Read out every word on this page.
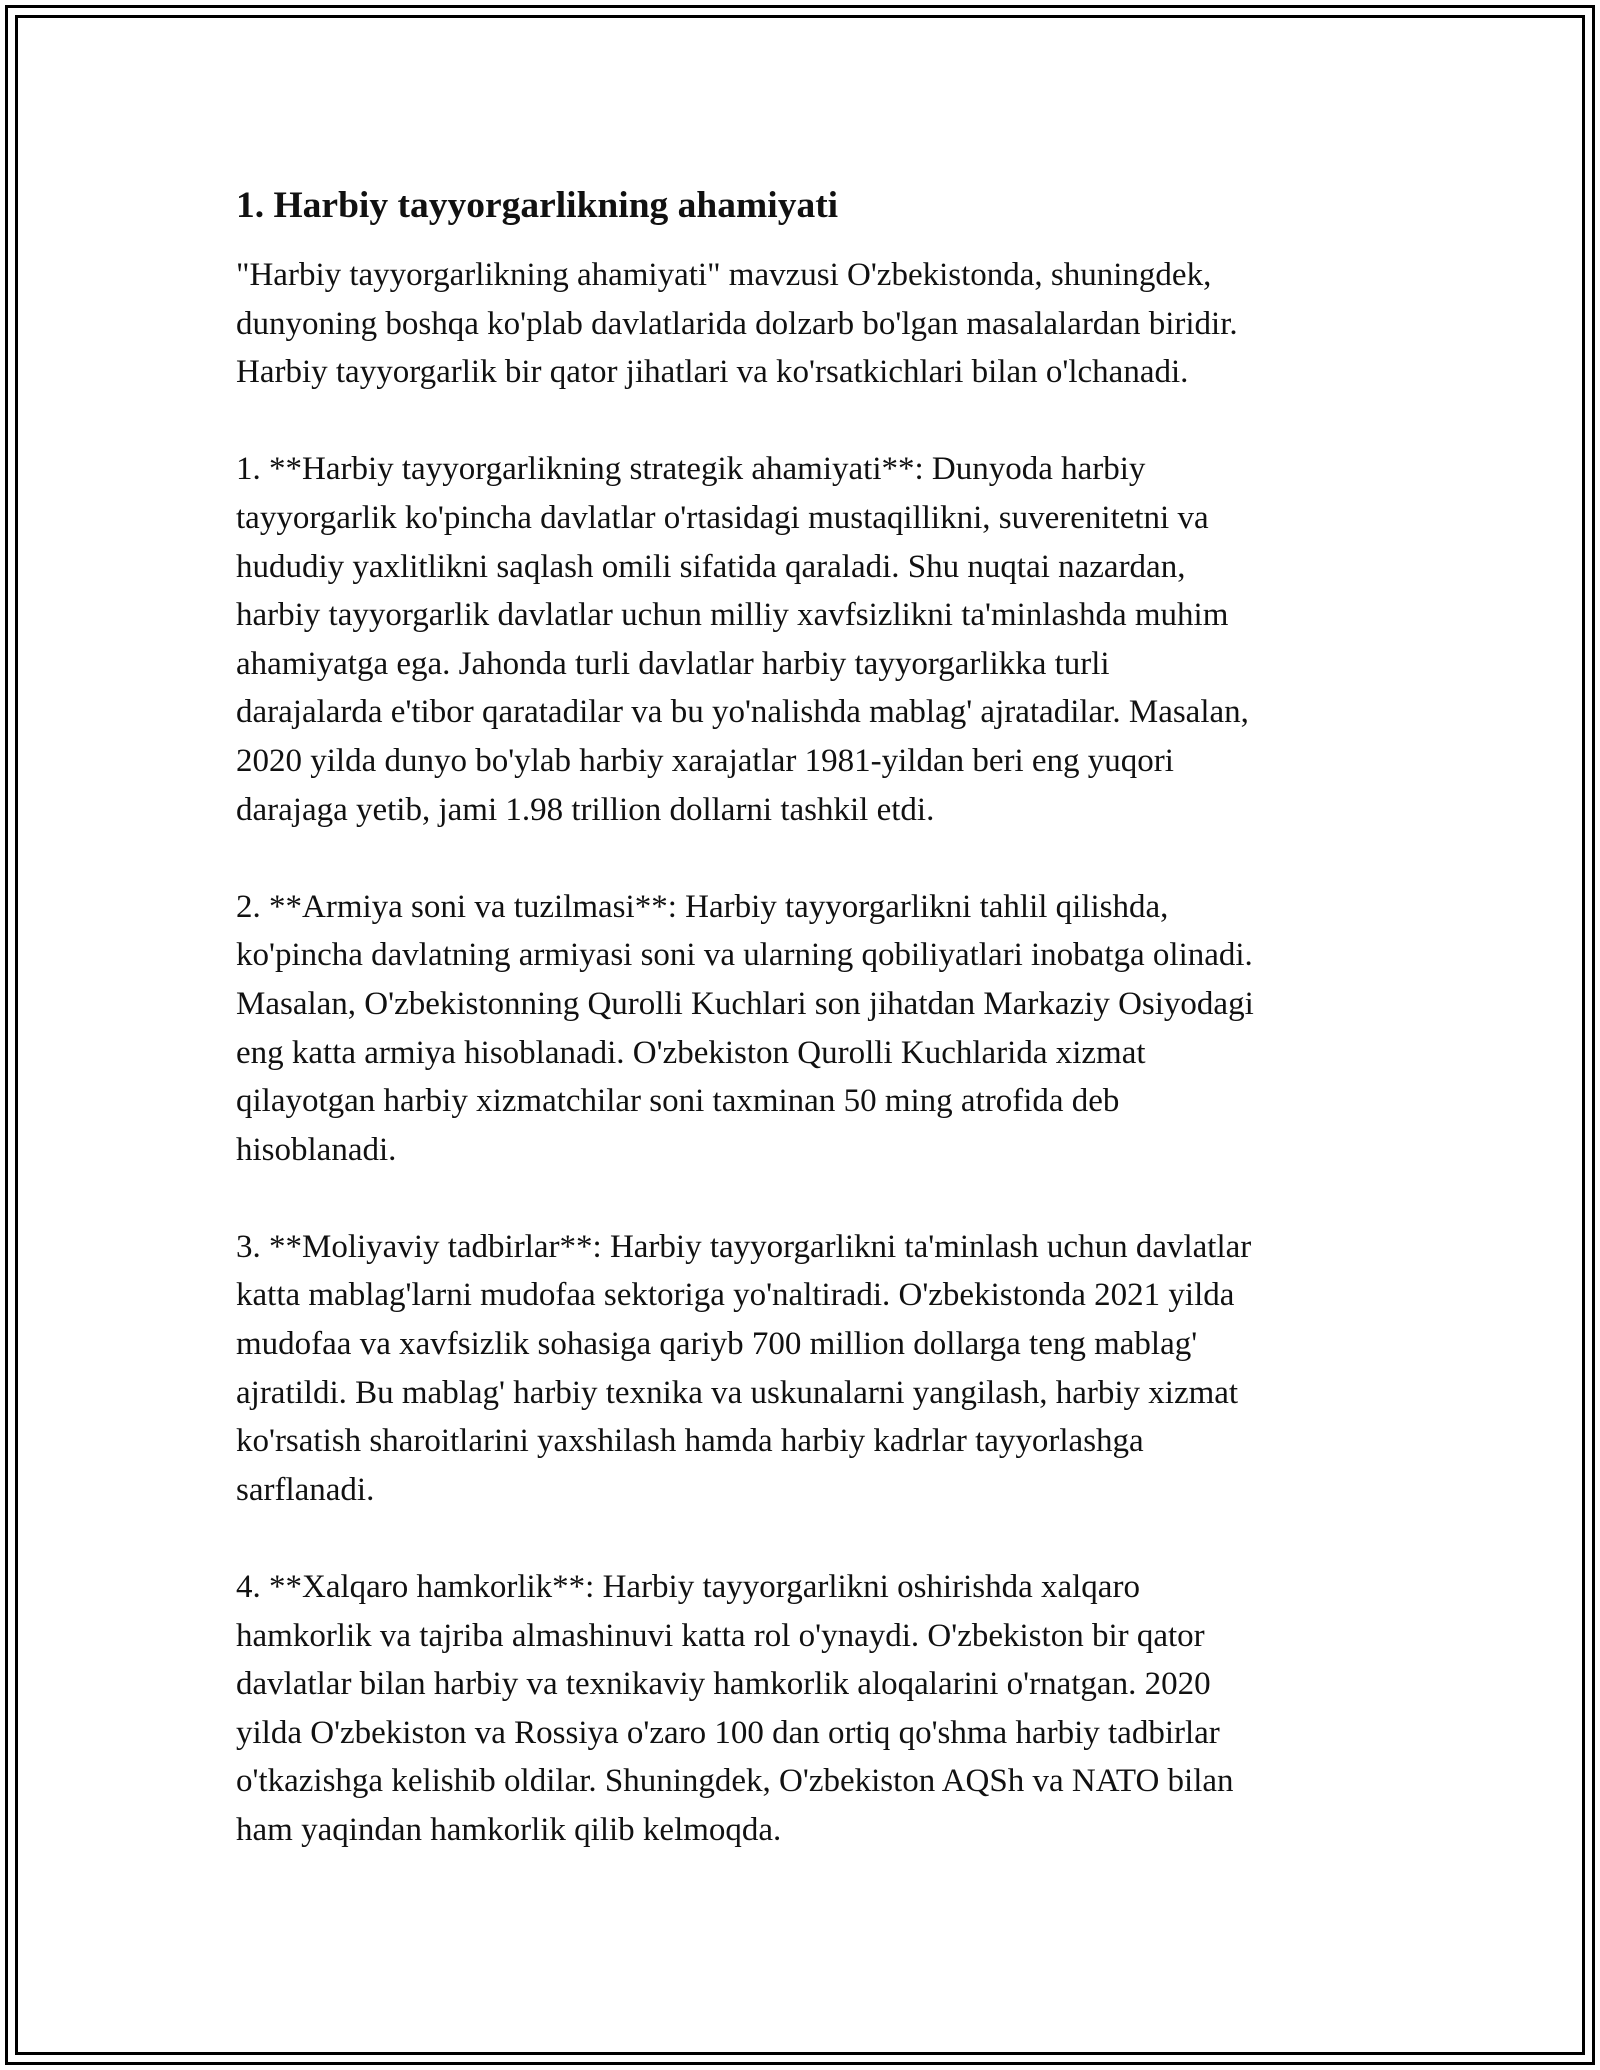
1. Harbiy tayyorgarlikning ahamiyati

"Harbiy tayyorgarlikning ahamiyati" mavzusi O'zbekistonda, shuningdek,
dunyoning boshqa ko'plab davlatlarida dolzarb bo'lgan masalalardan biridir.
Harbiy tayyorgarlik bir qator jihatlari va ko'rsatkichlari bilan o'lchanadi.

1. **Harbiy tayyorgarlikning strategik ahamiyati**: Dunyoda harbiy
tayyorgarlik ko'pincha davlatlar o'rtasidagi mustaqillikni, suverenitetni va
hududiy yaxlitlikni saqlash omili sifatida qaraladi. Shu nuqtai nazardan,
harbiy tayyorgarlik davlatlar uchun milliy xavfsizlikni ta'minlashda muhim
ahamiyatga ega. Jahonda turli davlatlar harbiy tayyorgarlikka turli
darajalarda e'tibor qaratadilar va bu yo'nalishda mablag' ajratadilar. Masalan,
2020 yilda dunyo bo'ylab harbiy xarajatlar 1981-yildan beri eng yuqori
darajaga yetib, jami 1.98 trillion dollarni tashkil etdi.

2. **Armiya soni va tuzilmasi**: Harbiy tayyorgarlikni tahlil qilishda,
ko'pincha davlatning armiyasi soni va ularning qobiliyatlari inobatga olinadi.
Masalan, O'zbekistonning Qurolli Kuchlari son jihatdan Markaziy Osiyodagi
eng katta armiya hisoblanadi. O'zbekiston Qurolli Kuchlarida xizmat
qilayotgan harbiy xizmatchilar soni taxminan 50 ming atrofida deb
hisoblanadi.

3. **Moliyaviy tadbirlar**: Harbiy tayyorgarlikni ta'minlash uchun davlatlar
katta mablag'larni mudofaa sektoriga yo'naltiradi. O'zbekistonda 2021 yilda
mudofaa va xavfsizlik sohasiga qariyb 700 million dollarga teng mablag'
ajratildi. Bu mablag' harbiy texnika va uskunalarni yangilash, harbiy xizmat
ko'rsatish sharoitlarini yaxshilash hamda harbiy kadrlar tayyorlashga
sarflanadi.

4. **Xalqaro hamkorlik**: Harbiy tayyorgarlikni oshirishda xalqaro
hamkorlik va tajriba almashinuvi katta rol o'ynaydi. O'zbekiston bir qator
davlatlar bilan harbiy va texnikaviy hamkorlik aloqalarini o'rnatgan. 2020
yilda O'zbekiston va Rossiya o'zaro 100 dan ortiq qo'shma harbiy tadbirlar
o'tkazishga kelishib oldilar. Shuningdek, O'zbekiston AQSh va NATO bilan
ham yaqindan hamkorlik qilib kelmoqda.
